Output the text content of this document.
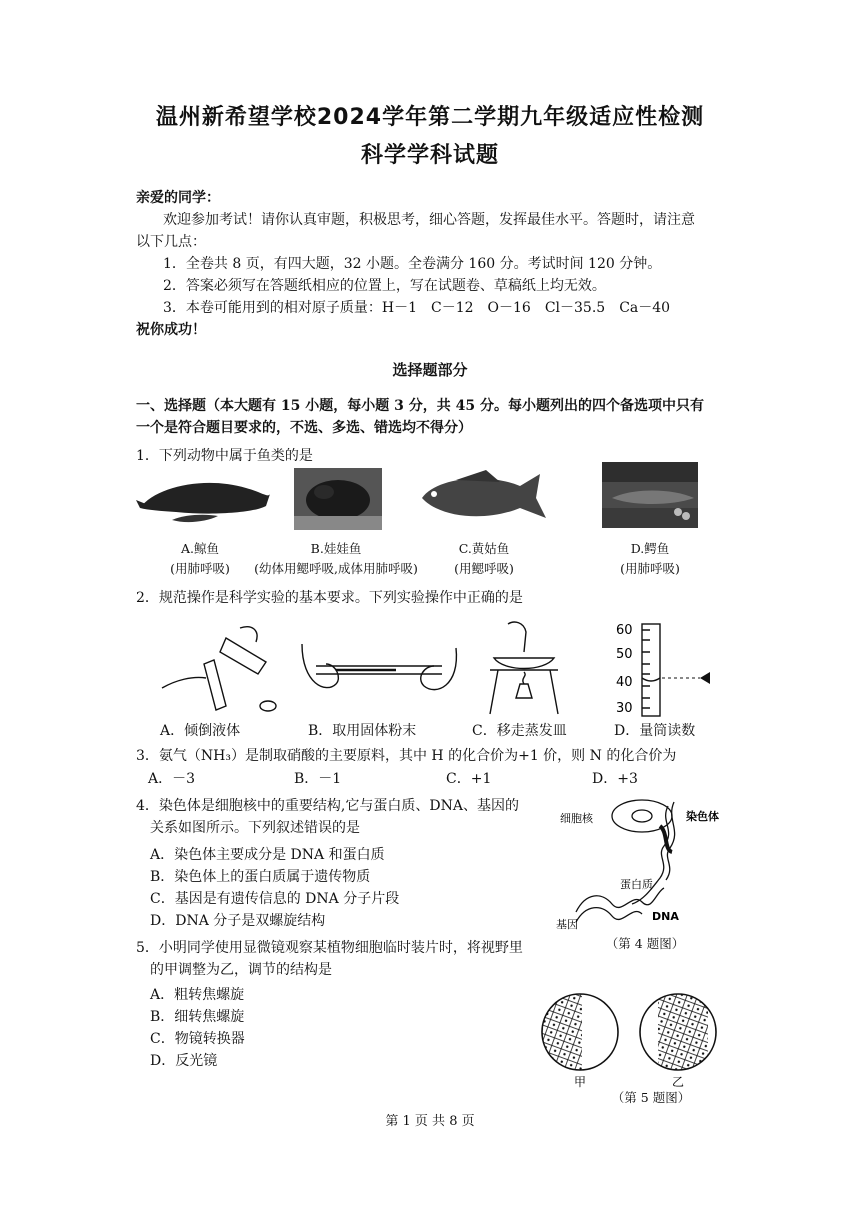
温州新希望学校2024学年第二学期九年级适应性检测
科学学科试题
亲爱的同学：
欢迎参加考试！请你认真审题，积极思考，细心答题，发挥最佳水平。答题时，请注意
以下几点：
1．全卷共 8 页，有四大题，32 小题。全卷满分 160 分。考试时间 120 分钟。
2．答案必须写在答题纸相应的位置上，写在试题卷、草稿纸上均无效。
3．本卷可能用到的相对原子质量：H－1　C－12　O－16　Cl－35.5　Ca－40
祝你成功！
选择题部分
一、选择题（本大题有 15 小题，每小题 3 分，共 45 分。每小题列出的四个备选项中只有
一个是符合题目要求的，不选、多选、错选均不得分）
1．下列动物中属于鱼类的是
A.鲸鱼
(用肺呼吸)
B.娃娃鱼
(幼体用鳃呼吸,成体用肺呼吸)
C.黄姑鱼
(用鳃呼吸)
D.鳄鱼
(用肺呼吸)
2．规范操作是科学实验的基本要求。下列实验操作中正确的是
60
50
40
30
A．倾倒液体	B．取用固体粉末	C．移走蒸发皿	D．量筒读数
3．氨气（NH₃）是制取硝酸的主要原料，其中 H 的化合价为+1 价，则 N 的化合价为
A．－3	B．－1	C．+1	D．+3
4．染色体是细胞核中的重要结构,它与蛋白质、DNA、基因的
关系如图所示。下列叙述错误的是
A．染色体主要成分是 DNA 和蛋白质
B．染色体上的蛋白质属于遗传物质
C．基因是有遗传信息的 DNA 分子片段
D．DNA 分子是双螺旋结构
细胞核	染色体
蛋白质
DNA
基因
（第 4 题图）
5．小明同学使用显微镜观察某植物细胞临时装片时，将视野里
的甲调整为乙，调节的结构是
A．粗转焦螺旋
B．细转焦螺旋
C．物镜转换器
D．反光镜
甲	乙
（第 5 题图）
第 1 页 共 8 页
